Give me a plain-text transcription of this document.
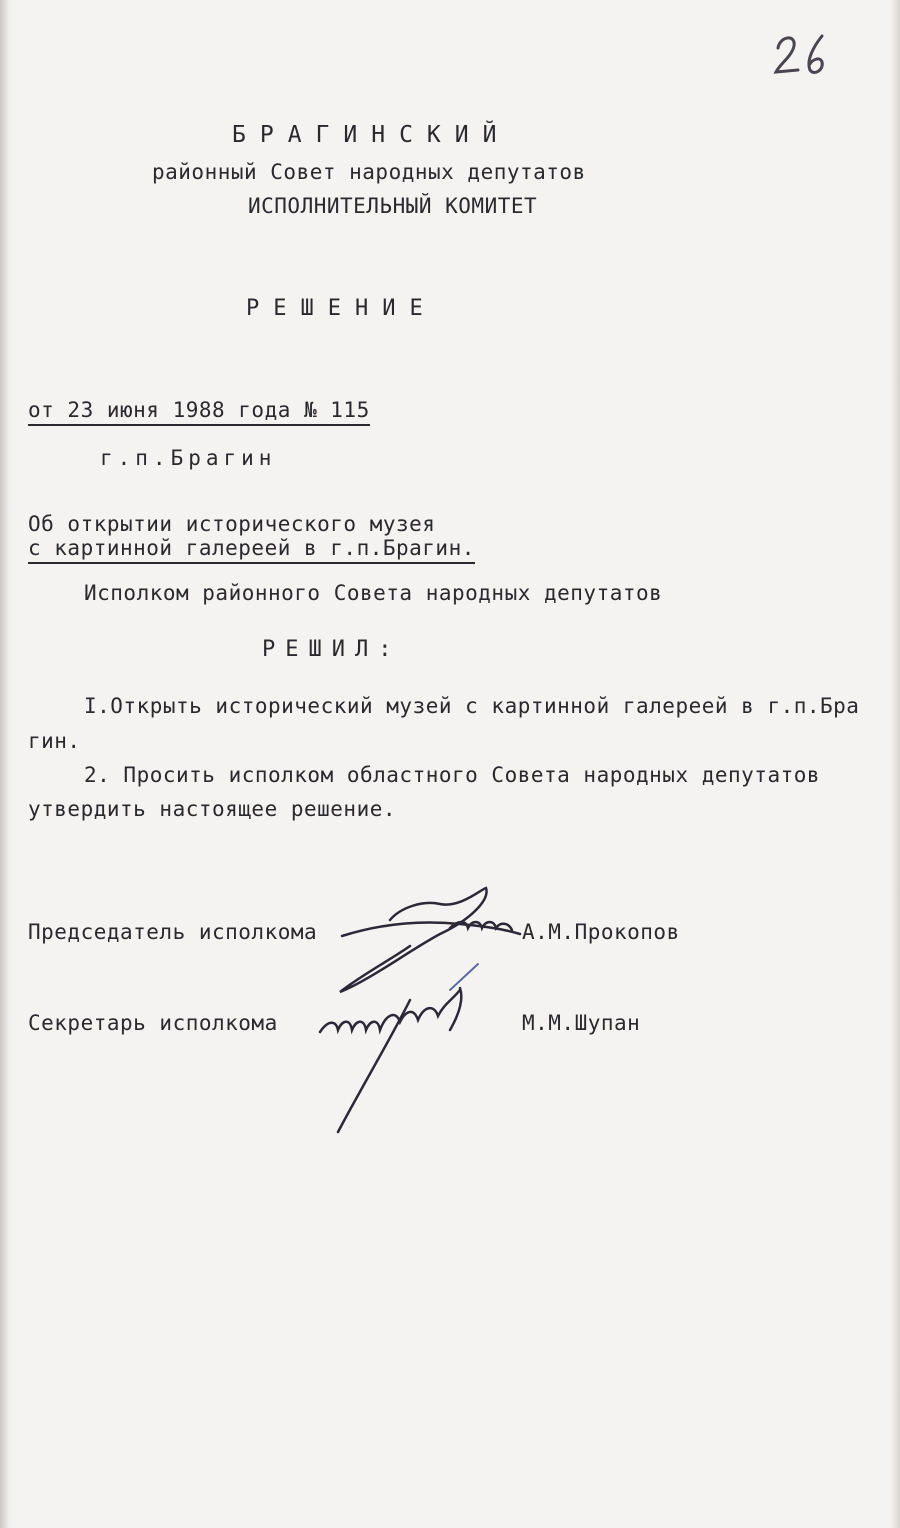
26
БРАГИНСКИЙ
районный Совет народных депутатов
ИСПОЛНИТЕЛЬНЫЙ КОМИТЕТ
РЕШЕНИЕ
от 23 июня 1988 года № 115
г.п.Брагин
Об открытии исторического музея
с картинной галереей в г.п.Брагин.
Исполком районного Совета народных депутатов
РЕШИЛ:
I.Открыть исторический музей с картинной галереей в г.п.Бра
гин.
2. Просить исполком областного Совета народных депутатов
утвердить настоящее решение.
Председатель исполкома	А.М.Прокопов
Секретарь исполкома	М.М.Шупан
